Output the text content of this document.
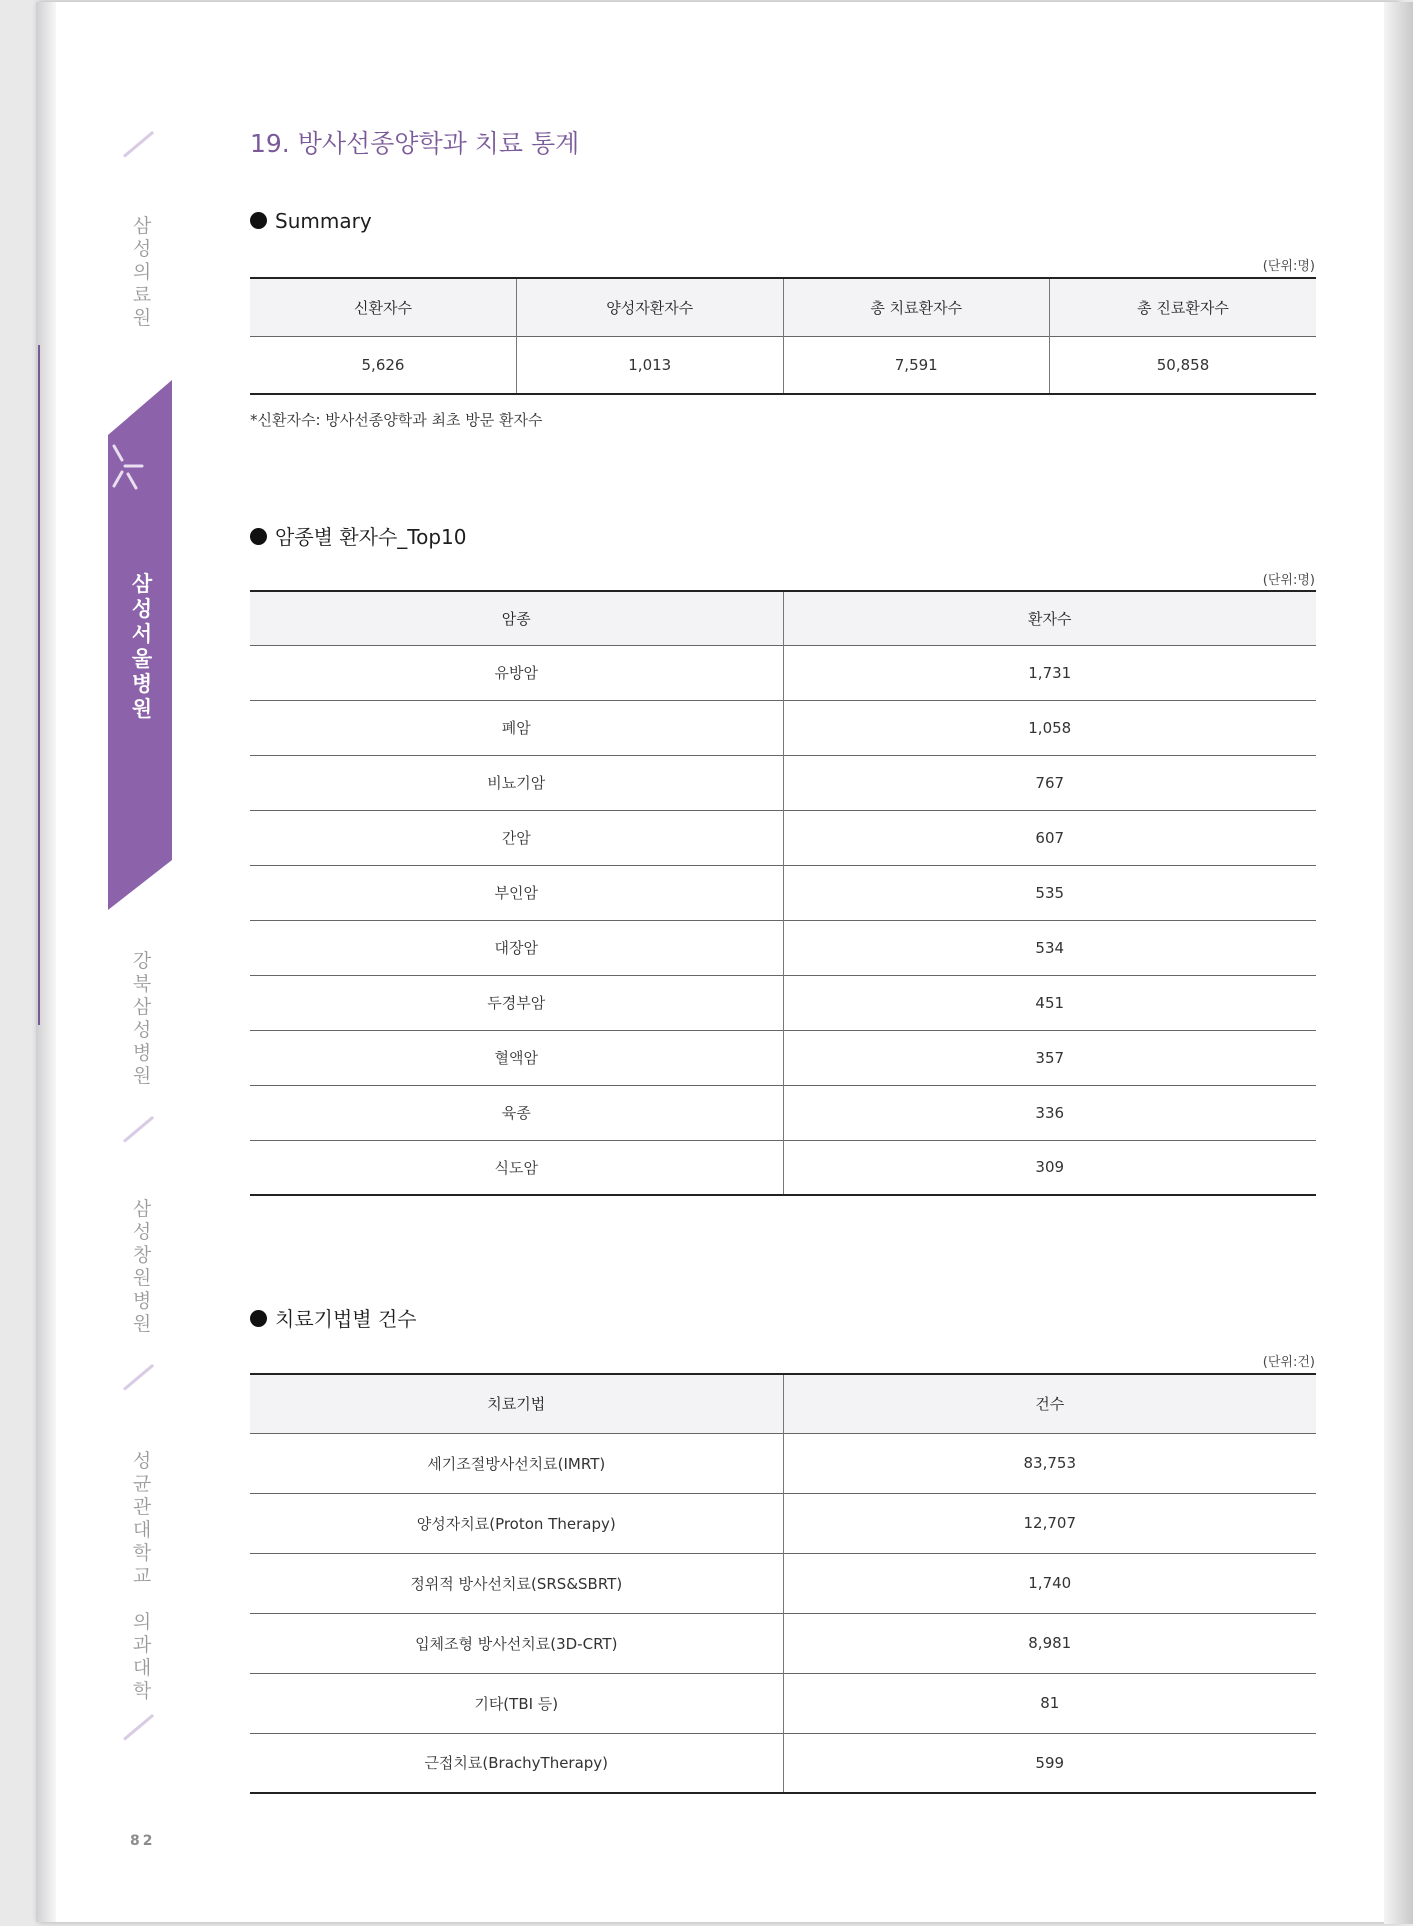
삼
성
의
료
원
삼
성
서
울
병
원
강
북
삼
성
병
원
삼
성
창
원
병
원
성
균
관
대
학
교

의
과
대
학
82
19. 방사선종양학과 치료 통계
Summary
(단위:명)
신환자수	양성자환자수	총 치료환자수	총 진료환자수
5,626	1,013	7,591	50,858
*신환자수: 방사선종양학과 최초 방문 환자수
암종별 환자수_Top10
(단위:명)
암종	환자수
유방암	1,731
폐암	1,058
비뇨기암	767
간암	607
부인암	535
대장암	534
두경부암	451
혈액암	357
육종	336
식도암	309
치료기법별 건수
(단위:건)
치료기법	건수
세기조절방사선치료(IMRT)	83,753
양성자치료(Proton Therapy)	12,707
정위적 방사선치료(SRS&SBRT)	1,740
입체조형 방사선치료(3D-CRT)	8,981
기타(TBI 등)	81
근접치료(BrachyTherapy)	599
